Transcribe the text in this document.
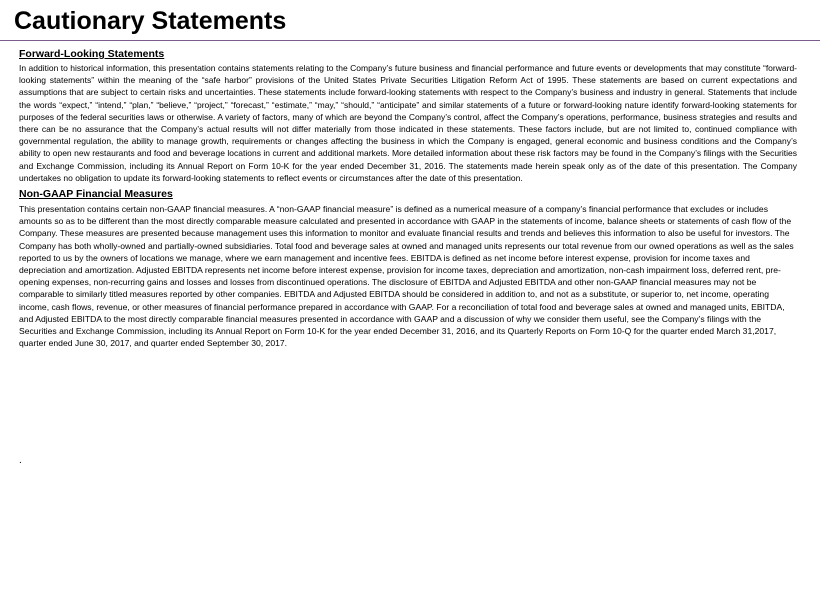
Cautionary Statements
Forward-Looking Statements

In addition to historical information, this presentation contains statements relating to the Company’s future business and financial performance and future events or developments that may constitute “forward-looking statements” within the meaning of the “safe harbor” provisions of the United States Private Securities Litigation Reform Act of 1995. These statements are based on current expectations and assumptions that are subject to certain risks and uncertainties. These statements include forward-looking statements with respect to the Company’s business and industry in general. Statements that include the words “expect,” “intend,” “plan,” “believe,” “project,” “forecast,” “estimate,” “may,” “should,” “anticipate” and similar statements of a future or forward-looking nature identify forward-looking statements for purposes of the federal securities laws or otherwise. A variety of factors, many of which are beyond the Company’s control, affect the Company’s operations, performance, business strategies and results and there can be no assurance that the Company’s actual results will not differ materially from those indicated in these statements. These factors include, but are not limited to, continued compliance with governmental regulation, the ability to manage growth, requirements or changes affecting the business in which the Company is engaged, general economic and business conditions and the Company’s ability to open new restaurants and food and beverage locations in current and additional markets. More detailed information about these risk factors may be found in the Company’s filings with the Securities and Exchange Commission, including its Annual Report on Form 10-K for the year ended December 31, 2016. The statements made herein speak only as of the date of this presentation. The Company undertakes no obligation to update its forward-looking statements to reflect events or circumstances after the date of this presentation.

Non-GAAP Financial Measures

This presentation contains certain non-GAAP financial measures. A “non-GAAP financial measure” is defined as a numerical measure of a company’s financial performance that excludes or includes amounts so as to be different than the most directly comparable measure calculated and presented in accordance with GAAP in the statements of income, balance sheets or statements of cash flow of the Company. These measures are presented because management uses this information to monitor and evaluate financial results and trends and believes this information to also be useful for investors. The Company has both wholly-owned and partially-owned subsidiaries. Total food and beverage sales at owned and managed units represents our total revenue from our owned operations as well as the sales reported to us by the owners of locations we manage, where we earn management and incentive fees. EBITDA is defined as net income before interest expense, provision for income taxes and depreciation and amortization. Adjusted EBITDA represents net income before interest expense, provision for income taxes, depreciation and amortization, non-cash impairment loss, deferred rent, pre-opening expenses, non-recurring gains and losses and losses from discontinued operations. The disclosure of EBITDA and Adjusted EBITDA and other non-GAAP financial measures may not be comparable to similarly titled measures reported by other companies. EBITDA and Adjusted EBITDA should be considered in addition to, and not as a substitute, or superior to, net income, operating income, cash flows, revenue, or other measures of financial performance prepared in accordance with GAAP. For a reconciliation of total food and beverage sales at owned and managed units, EBITDA, and Adjusted EBITDA to the most directly comparable financial measures presented in accordance with GAAP and a discussion of why we consider them useful, see the Company’s filings with the Securities and Exchange Commission, including its Annual Report on Form 10-K for the year ended December 31, 2016, and its Quarterly Reports on Form 10-Q for the quarter ended March 31,2017, quarter ended June 30, 2017, and quarter ended September 30, 2017.

.
